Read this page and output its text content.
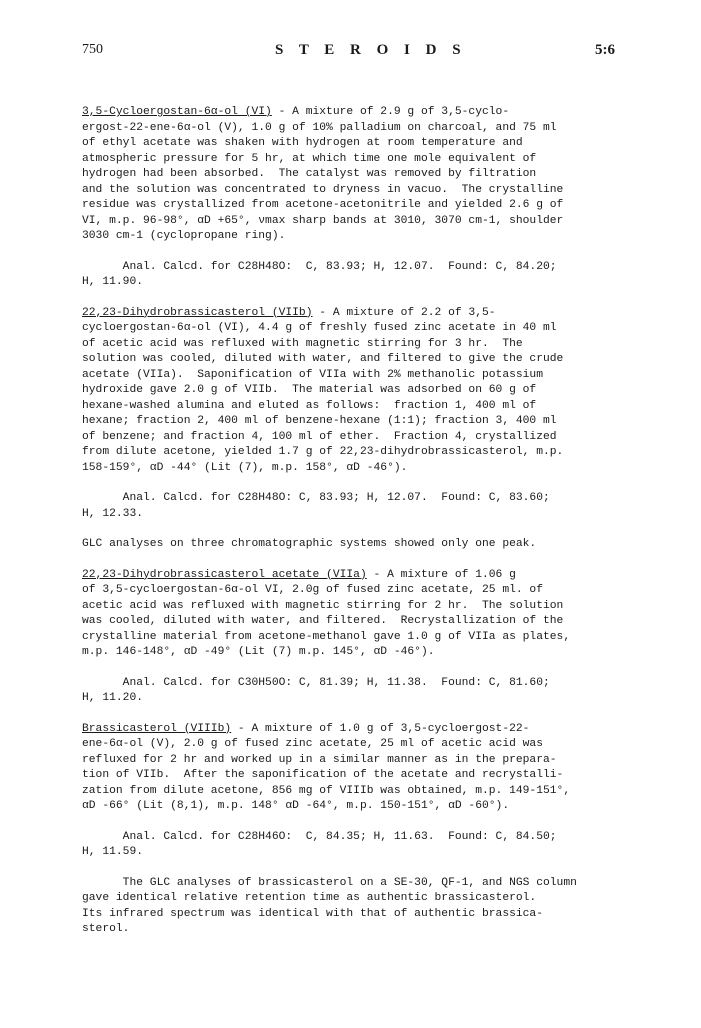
750	S T E R O I D S	5:6
3,5-Cycloergostan-6α-ol (VI) - A mixture of 2.9 g of 3,5-cyclo-
ergost-22-ene-6α-ol (V), 1.0 g of 10% palladium on charcoal, and 75 ml
of ethyl acetate was shaken with hydrogen at room temperature and
atmospheric pressure for 5 hr, at which time one mole equivalent of
hydrogen had been absorbed.  The catalyst was removed by filtration
and the solution was concentrated to dryness in vacuo.  The crystalline
residue was crystallized from acetone-acetonitrile and yielded 2.6 g of
VI, m.p. 96-98°, αD +65°, νmax sharp bands at 3010, 3070 cm-1, shoulder
3030 cm-1 (cyclopropane ring).
Anal. Calcd. for C28H48O:  C, 83.93; H, 12.07.  Found: C, 84.20;
H, 11.90.
22,23-Dihydrobrassicasterol (VIIb) - A mixture of 2.2 of 3,5-
cycloergostan-6α-ol (VI), 4.4 g of freshly fused zinc acetate in 40 ml
of acetic acid was refluxed with magnetic stirring for 3 hr.  The
solution was cooled, diluted with water, and filtered to give the crude
acetate (VIIa).  Saponification of VIIa with 2% methanolic potassium
hydroxide gave 2.0 g of VIIb.  The material was adsorbed on 60 g of
hexane-washed alumina and eluted as follows:  fraction 1, 400 ml of
hexane; fraction 2, 400 ml of benzene-hexane (1:1); fraction 3, 400 ml
of benzene; and fraction 4, 100 ml of ether.  Fraction 4, crystallized
from dilute acetone, yielded 1.7 g of 22,23-dihydrobrassicasterol, m.p.
158-159°, αD -44° (Lit (7), m.p. 158°, αD -46°).
Anal. Calcd. for C28H48O: C, 83.93; H, 12.07.  Found: C, 83.60;
H, 12.33.
GLC analyses on three chromatographic systems showed only one peak.
22,23-Dihydrobrassicasterol acetate (VIIa) - A mixture of 1.06 g
of 3,5-cycloergostan-6α-ol VI, 2.0g of fused zinc acetate, 25 ml. of
acetic acid was refluxed with magnetic stirring for 2 hr.  The solution
was cooled, diluted with water, and filtered.  Recrystallization of the
crystalline material from acetone-methanol gave 1.0 g of VIIa as plates,
m.p. 146-148°, αD -49° (Lit (7) m.p. 145°, αD -46°).
Anal. Calcd. for C30H50O: C, 81.39; H, 11.38.  Found: C, 81.60;
H, 11.20.
Brassicasterol (VIIIb) - A mixture of 1.0 g of 3,5-cycloergost-22-
ene-6α-ol (V), 2.0 g of fused zinc acetate, 25 ml of acetic acid was
refluxed for 2 hr and worked up in a similar manner as in the prepara-
tion of VIIb.  After the saponification of the acetate and recrystalli-
zation from dilute acetone, 856 mg of VIIIb was obtained, m.p. 149-151°,
αD -66° (Lit (8,1), m.p. 148° αD -64°, m.p. 150-151°, αD -60°).
Anal. Calcd. for C28H46O:  C, 84.35; H, 11.63.  Found: C, 84.50;
H, 11.59.
The GLC analyses of brassicasterol on a SE-30, QF-1, and NGS column
gave identical relative retention time as authentic brassicasterol.
Its infrared spectrum was identical with that of authentic brassica-
sterol.
